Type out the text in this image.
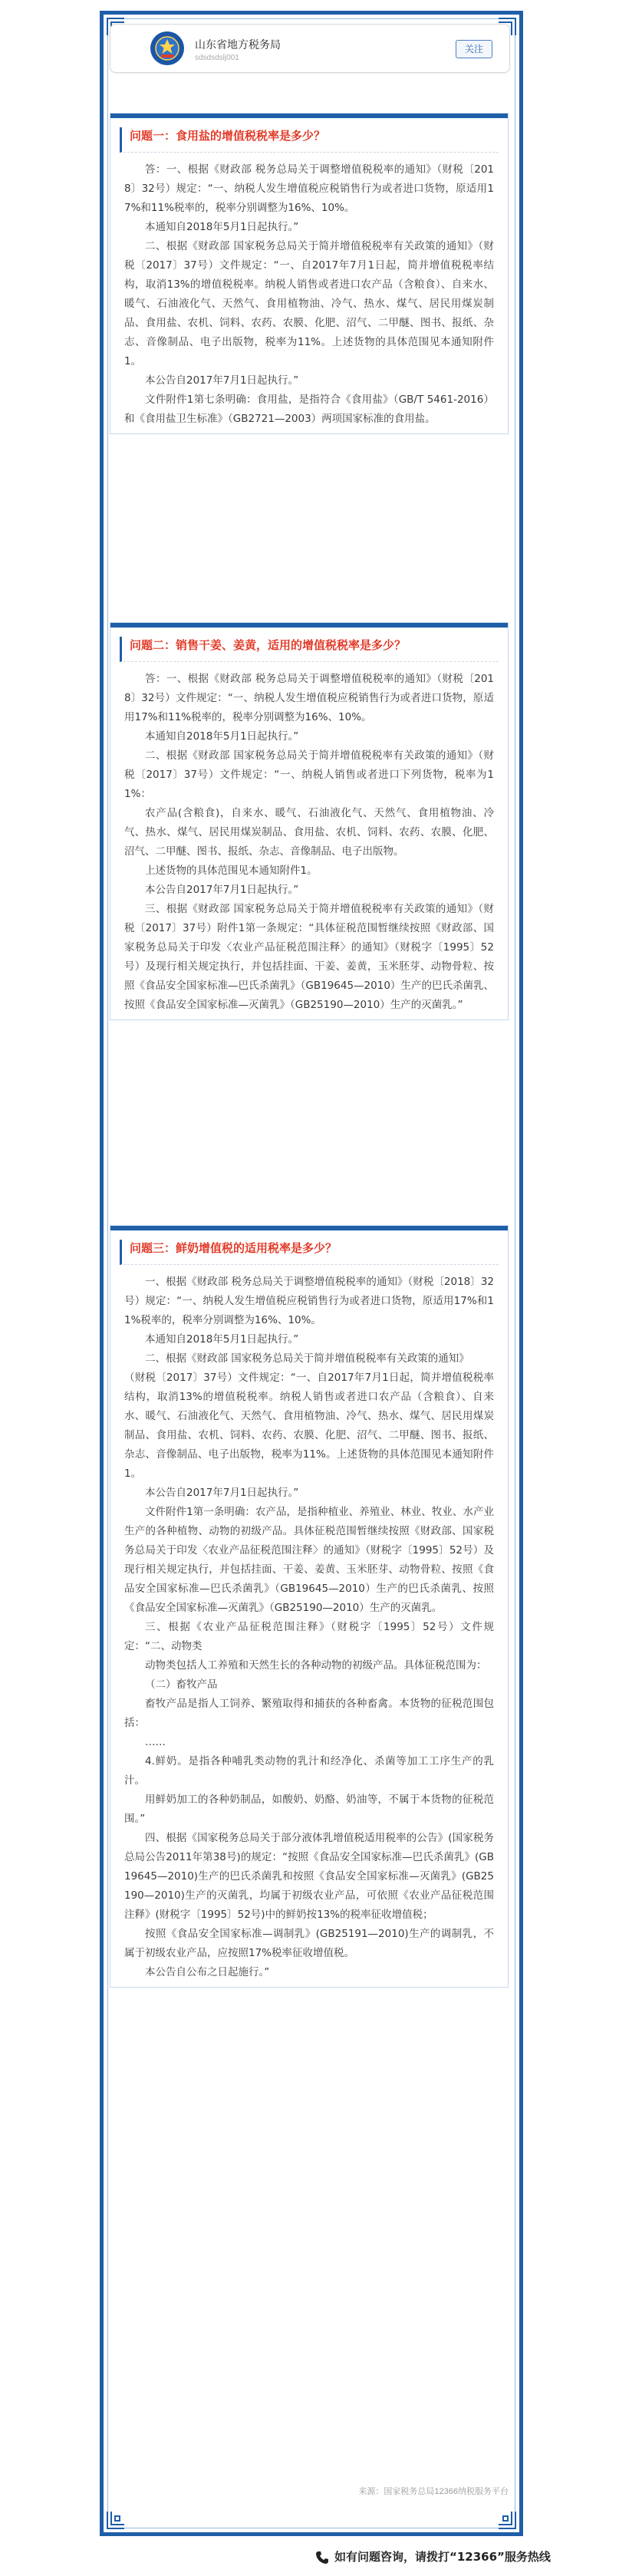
山东省地方税务局
sdsdsdslj001
关注
问题一：食用盐的增值税税率是多少？

答：一、根据《财政部 税务总局关于调整增值税税率的通知》（财税〔2018〕32号）规定：“一、纳税人发生增值税应税销售行为或者进口货物，原适用17%和11%税率的，税率分别调整为16%、10%。

本通知自2018年5月1日起执行。”

二、根据《财政部 国家税务总局关于简并增值税税率有关政策的通知》（财税〔2017〕37号）文件规定：“一、自2017年7月1日起，简并增值税税率结构，取消13%的增值税税率。纳税人销售或者进口农产品（含粮食）、自来水、暖气、石油液化气、天然气、食用植物油、冷气、热水、煤气、居民用煤炭制品、食用盐、农机、饲料、农药、农膜、化肥、沼气、二甲醚、图书、报纸、杂志、音像制品、电子出版物，税率为11%。上述货物的具体范围见本通知附件1。

本公告自2017年7月1日起执行。”

文件附件1第七条明确：食用盐，是指符合《食用盐》（GB/T 5461-2016）和《食用盐卫生标准》（GB2721—2003）两项国家标准的食用盐。

问题二：销售干姜、姜黄，适用的增值税税率是多少？

答：一、根据《财政部 税务总局关于调整增值税税率的通知》（财税〔2018〕32号）文件规定：“一、纳税人发生增值税应税销售行为或者进口货物，原适用17%和11%税率的，税率分别调整为16%、10%。

本通知自2018年5月1日起执行。”

二、根据《财政部 国家税务总局关于简并增值税税率有关政策的通知》（财税〔2017〕37号）文件规定：“一、纳税人销售或者进口下列货物，税率为11%：

农产品(含粮食)，自来水、暖气、石油液化气、天然气、食用植物油、冷气、热水、煤气、居民用煤炭制品、食用盐、农机、饲料、农药、农膜、化肥、沼气、二甲醚、图书、报纸、杂志、音像制品、电子出版物。

上述货物的具体范围见本通知附件1。

本公告自2017年7月1日起执行。”

三、根据《财政部 国家税务总局关于简并增值税税率有关政策的通知》（财税〔2017〕37号）附件1第一条规定：“具体征税范围暂继续按照《财政部、国家税务总局关于印发〈农业产品征税范围注释〉的通知》（财税字〔1995〕52号）及现行相关规定执行，并包括挂面、干姜、姜黄，玉米胚芽、动物骨粒、按照《食品安全国家标准—巴氏杀菌乳》（GB19645—2010）生产的巴氏杀菌乳、按照《食品安全国家标准—灭菌乳》（GB25190—2010）生产的灭菌乳。”

问题三：鲜奶增值税的适用税率是多少？

一、根据《财政部 税务总局关于调整增值税税率的通知》（财税〔2018〕32号）规定：“一、纳税人发生增值税应税销售行为或者进口货物，原适用17%和11%税率的，税率分别调整为16%、10%。

本通知自2018年5月1日起执行。”

二、根据《财政部 国家税务总局关于简并增值税税率有关政策的通知》

（财税〔2017〕37号）文件规定：“一、自2017年7月1日起，简并增值税税率结构，取消13%的增值税税率。纳税人销售或者进口农产品（含粮食）、自来水、暖气、石油液化气、天然气、食用植物油、冷气、热水、煤气、居民用煤炭制品、食用盐、农机、饲料、农药、农膜、化肥、沼气、二甲醚、图书、报纸、杂志、音像制品、电子出版物，税率为11%。上述货物的具体范围见本通知附件1。

本公告自2017年7月1日起执行。”

文件附件1第一条明确：农产品，是指种植业、养殖业、林业、牧业、水产业生产的各种植物、动物的初级产品。具体征税范围暂继续按照《财政部、国家税务总局关于印发〈农业产品征税范围注释〉的通知》（财税字〔1995〕52号）及现行相关规定执行，并包括挂面、干姜、姜黄、玉米胚芽、动物骨粒、按照《食品安全国家标准—巴氏杀菌乳》（GB19645—2010）生产的巴氏杀菌乳、按照《食品安全国家标准—灭菌乳》（GB25190—2010）生产的灭菌乳。

三、根据《农业产品征税范围注释》（财税字〔1995〕52号）文件规定：“二、动物类

动物类包括人工养殖和天然生长的各种动物的初级产品。具体征税范围为：

（二）畜牧产品

畜牧产品是指人工饲养、繁殖取得和捕获的各种畜禽。本货物的征税范围包括：

……

4.鲜奶。是指各种哺乳类动物的乳汁和经净化、杀菌等加工工序生产的乳汁。

用鲜奶加工的各种奶制品，如酸奶、奶酪、奶油等，不属于本货物的征税范围。”

四、根据《国家税务总局关于部分液体乳增值税适用税率的公告》(国家税务总局公告2011年第38号)的规定：“按照《食品安全国家标准—巴氏杀菌乳》(GB19645—2010)生产的巴氏杀菌乳和按照《食品安全国家标准—灭菌乳》(GB25190—2010)生产的灭菌乳，均属于初级农业产品，可依照《农业产品征税范围注释》(财税字〔1995〕52号)中的鲜奶按13%的税率征收增值税；

按照《食品安全国家标准—调制乳》(GB25191—2010)生产的调制乳，不属于初级农业产品，应按照17%税率征收增值税。

本公告自公布之日起施行。”

来源：国家税务总局12366纳税服务平台
如有问题咨询，请拨打“12366”服务热线
